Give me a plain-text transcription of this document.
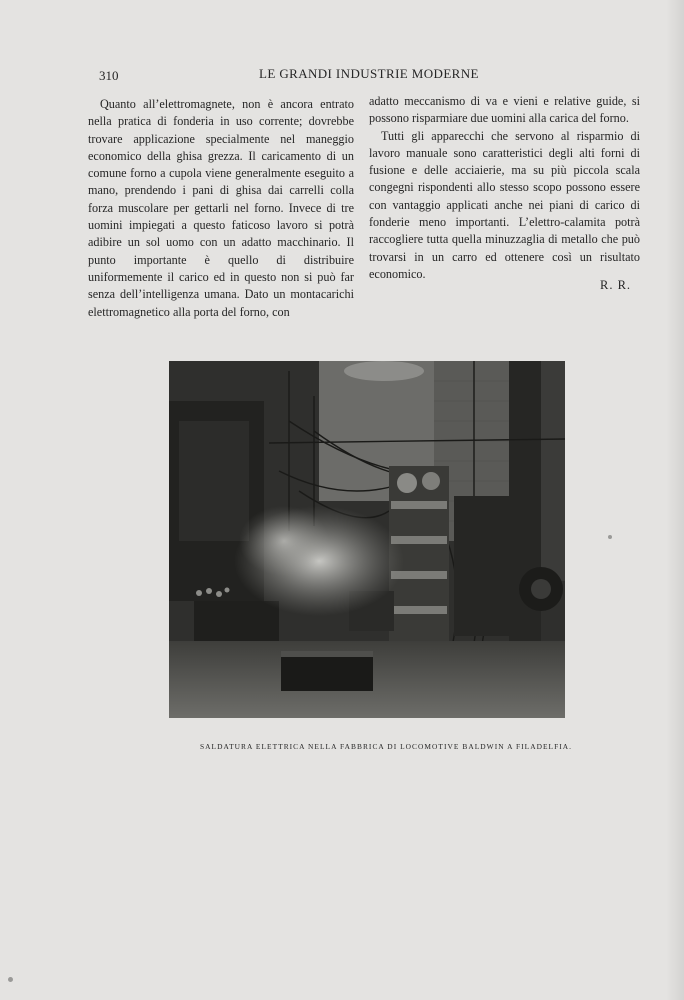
310	LE GRANDI INDUSTRIE MODERNE

Quanto all’elettromagnete, non è ancora entrato nella pratica di fonderia in uso corrente; dovrebbe trovare applicazione specialmente nel maneggio economico della ghisa grezza. Il caricamento di un comune forno a cupola viene generalmente eseguito a mano, prendendo i pani di ghisa dai carrelli colla forza muscolare per gettarli nel forno. Invece di tre uomini impiegati a questo faticoso lavoro si potrà adibire un sol uomo con un adatto macchinario. Il punto importante è quello di distribuire uniformemente il carico ed in questo non si può far senza dell’intelligenza umana. Dato un montacarichi elettromagnetico alla porta del forno, con

adatto meccanismo di va e vieni e relative guide, si possono risparmiare due uomini alla carica del forno.

Tutti gli apparecchi che servono al risparmio di lavoro manuale sono caratteristici degli alti forni di fusione e delle acciaierie, ma su più piccola scala congegni rispondenti allo stesso scopo possono essere con vantaggio applicati anche nei piani di carico di fonderie meno importanti. L’elettro-calamita potrà raccogliere tutta quella minuzzaglia di metallo che può trovarsi in un carro ed ottenere così un risultato economico.

R. R.
SALDATURA ELETTRICA NELLA FABBRICA DI LOCOMOTIVE BALDWIN A FILADELFIA.
